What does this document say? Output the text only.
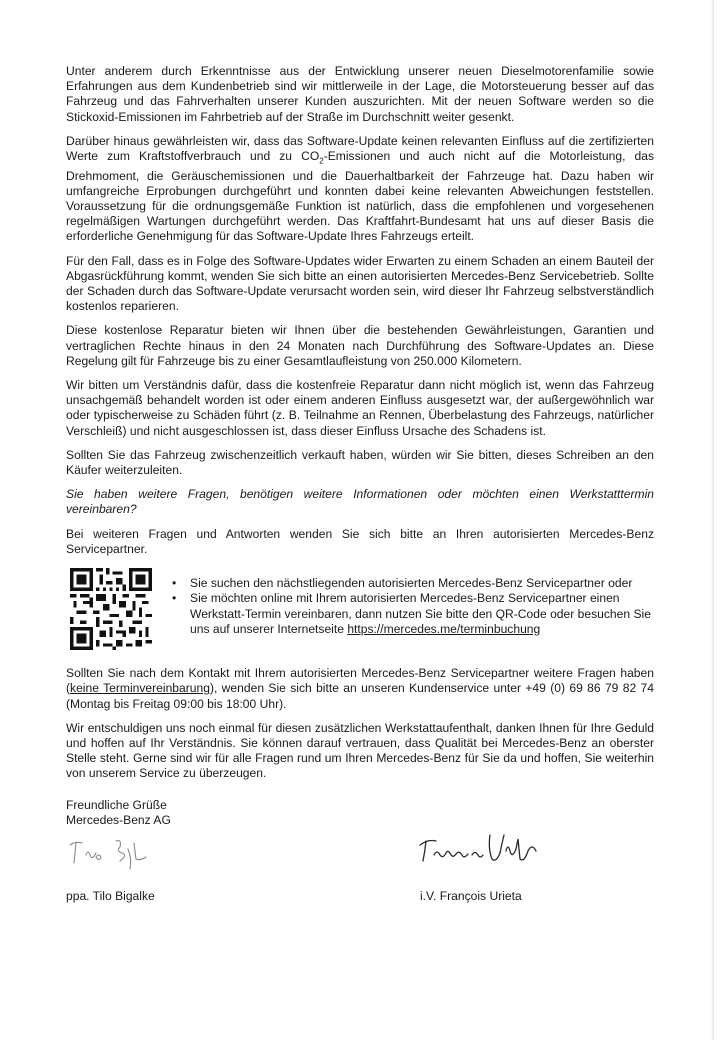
Unter anderem durch Erkenntnisse aus der Entwicklung unserer neuen Dieselmotorenfamilie sowie Erfahrungen aus dem Kundenbetrieb sind wir mittlerweile in der Lage, die Motorsteuerung besser auf das Fahrzeug und das Fahrverhalten unserer Kunden auszurichten. Mit der neuen Software werden so die Stickoxid-Emissionen im Fahrbetrieb auf der Straße im Durchschnitt weiter gesenkt.

Darüber hinaus gewährleisten wir, dass das Software-Update keinen relevanten Einfluss auf die zertifizierten Werte zum Kraftstoffverbrauch und zu $CO_2$-Emissionen und auch nicht auf die Motorleistung, das Drehmoment, die Geräuschemissionen und die Dauerhaltbarkeit der Fahrzeuge hat. Dazu haben wir umfangreiche Erprobungen durchgeführt und konnten dabei keine relevanten Abweichungen feststellen. Voraussetzung für die ordnungsgemäße Funktion ist natürlich, dass die empfohlenen und vorgesehenen regelmäßigen Wartungen durchgeführt werden. Das Kraftfahrt-Bundesamt hat uns auf dieser Basis die erforderliche Genehmigung für das Software-Update Ihres Fahrzeugs erteilt.

Für den Fall, dass es in Folge des Software-Updates wider Erwarten zu einem Schaden an einem Bauteil der Abgasrückführung kommt, wenden Sie sich bitte an einen autorisierten Mercedes-Benz Servicebetrieb. Sollte der Schaden durch das Software-Update verursacht worden sein, wird dieser Ihr Fahrzeug selbstverständlich kostenlos reparieren.

Diese kostenlose Reparatur bieten wir Ihnen über die bestehenden Gewährleistungen, Garantien und vertraglichen Rechte hinaus in den 24 Monaten nach Durchführung des Software-Updates an. Diese Regelung gilt für Fahrzeuge bis zu einer Gesamtlaufleistung von 250.000 Kilometern.

Wir bitten um Verständnis dafür, dass die kostenfreie Reparatur dann nicht möglich ist, wenn das Fahrzeug unsachgemäß behandelt worden ist oder einem anderen Einfluss ausgesetzt war, der außergewöhnlich war oder typischerweise zu Schäden führt (z. B. Teilnahme an Rennen, Überbelastung des Fahrzeugs, natürlicher Verschleiß) und nicht ausgeschlossen ist, dass dieser Einfluss Ursache des Schadens ist.

Sollten Sie das Fahrzeug zwischenzeitlich verkauft haben, würden wir Sie bitten, dieses Schreiben an den Käufer weiterzuleiten.

Sie haben weitere Fragen, benötigen weitere Informationen oder möchten einen Werkstatttermin vereinbaren?

Bei weiteren Fragen und Antworten wenden Sie sich bitte an Ihren autorisierten Mercedes-Benz Servicepartner.

• Sie suchen den nächstliegenden autorisierten Mercedes-Benz Servicepartner oder
• Sie möchten online mit Ihrem autorisierten Mercedes-Benz Servicepartner einen Werkstatt-Termin vereinbaren, dann nutzen Sie bitte den QR-Code oder besuchen Sie uns auf unserer Internetseite https://mercedes.me/terminbuchung

Sollten Sie nach dem Kontakt mit Ihrem autorisierten Mercedes-Benz Servicepartner weitere Fragen haben (keine Terminvereinbarung), wenden Sie sich bitte an unseren Kundenservice unter +49 (0) 69 86 79 82 74 (Montag bis Freitag 09:00 bis 18:00 Uhr).

Wir entschuldigen uns noch einmal für diesen zusätzlichen Werkstattaufenthalt, danken Ihnen für Ihre Geduld und hoffen auf Ihr Verständnis. Sie können darauf vertrauen, dass Qualität bei Mercedes-Benz an oberster Stelle steht. Gerne sind wir für alle Fragen rund um Ihren Mercedes-Benz für Sie da und hoffen, Sie weiterhin von unserem Service zu überzeugen.

Freundliche Grüße
Mercedes-Benz AG
ppa. Tilo Bigalke	i.V. François Urieta
